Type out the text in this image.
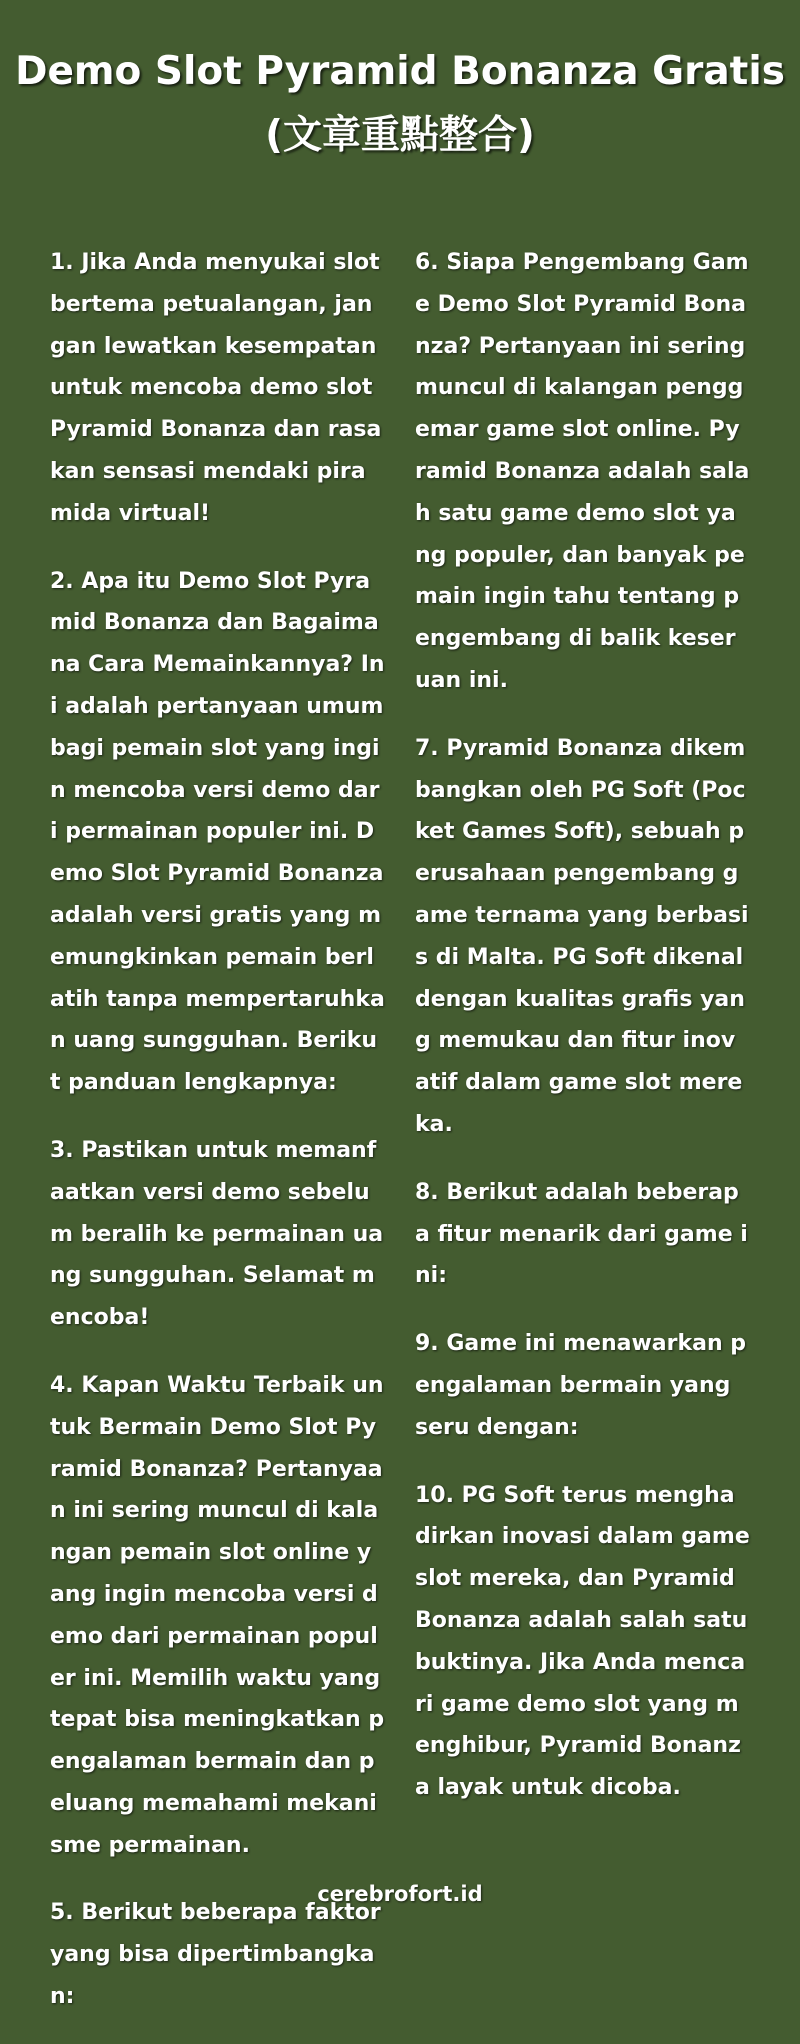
Demo Slot Pyramid Bonanza Gratis
(文章重點整合)

1. Jika Anda menyukai slot bertema petualangan, jangan lewatkan kesempatan untuk mencoba demo slot Pyramid Bonanza dan rasakan sensasi mendaki piramida virtual!

2. Apa itu Demo Slot Pyramid Bonanza dan Bagaimana Cara Memainkannya? Ini adalah pertanyaan umum bagi pemain slot yang ingin mencoba versi demo dari permainan populer ini. Demo Slot Pyramid Bonanza adalah versi gratis yang memungkinkan pemain berlatih tanpa mempertaruhkan uang sungguhan. Berikut panduan lengkapnya:

3. Pastikan untuk memanfaatkan versi demo sebelum beralih ke permainan uang sungguhan. Selamat mencoba!

4. Kapan Waktu Terbaik untuk Bermain Demo Slot Pyramid Bonanza? Pertanyaan ini sering muncul di kalangan pemain slot online yang ingin mencoba versi demo dari permainan populer ini. Memilih waktu yang tepat bisa meningkatkan pengalaman bermain dan peluang memahami mekanisme permainan.

5. Berikut beberapa faktor yang bisa dipertimbangkan:

6. Siapa Pengembang Game Demo Slot Pyramid Bonanza? Pertanyaan ini sering muncul di kalangan penggemar game slot online. Pyramid Bonanza adalah salah satu game demo slot yang populer, dan banyak pemain ingin tahu tentang pengembang di balik keseruan ini.

7. Pyramid Bonanza dikembangkan oleh PG Soft (Pocket Games Soft), sebuah perusahaan pengembang game ternama yang berbasis di Malta. PG Soft dikenal dengan kualitas grafis yang memukau dan fitur inovatif dalam game slot mereka.

8. Berikut adalah beberapa fitur menarik dari game ini:

9. Game ini menawarkan pengalaman bermain yang seru dengan:

10. PG Soft terus menghadirkan inovasi dalam game slot mereka, dan Pyramid Bonanza adalah salah satu buktinya. Jika Anda mencari game demo slot yang menghibur, Pyramid Bonanza layak untuk dicoba.

cerebrofort.id
